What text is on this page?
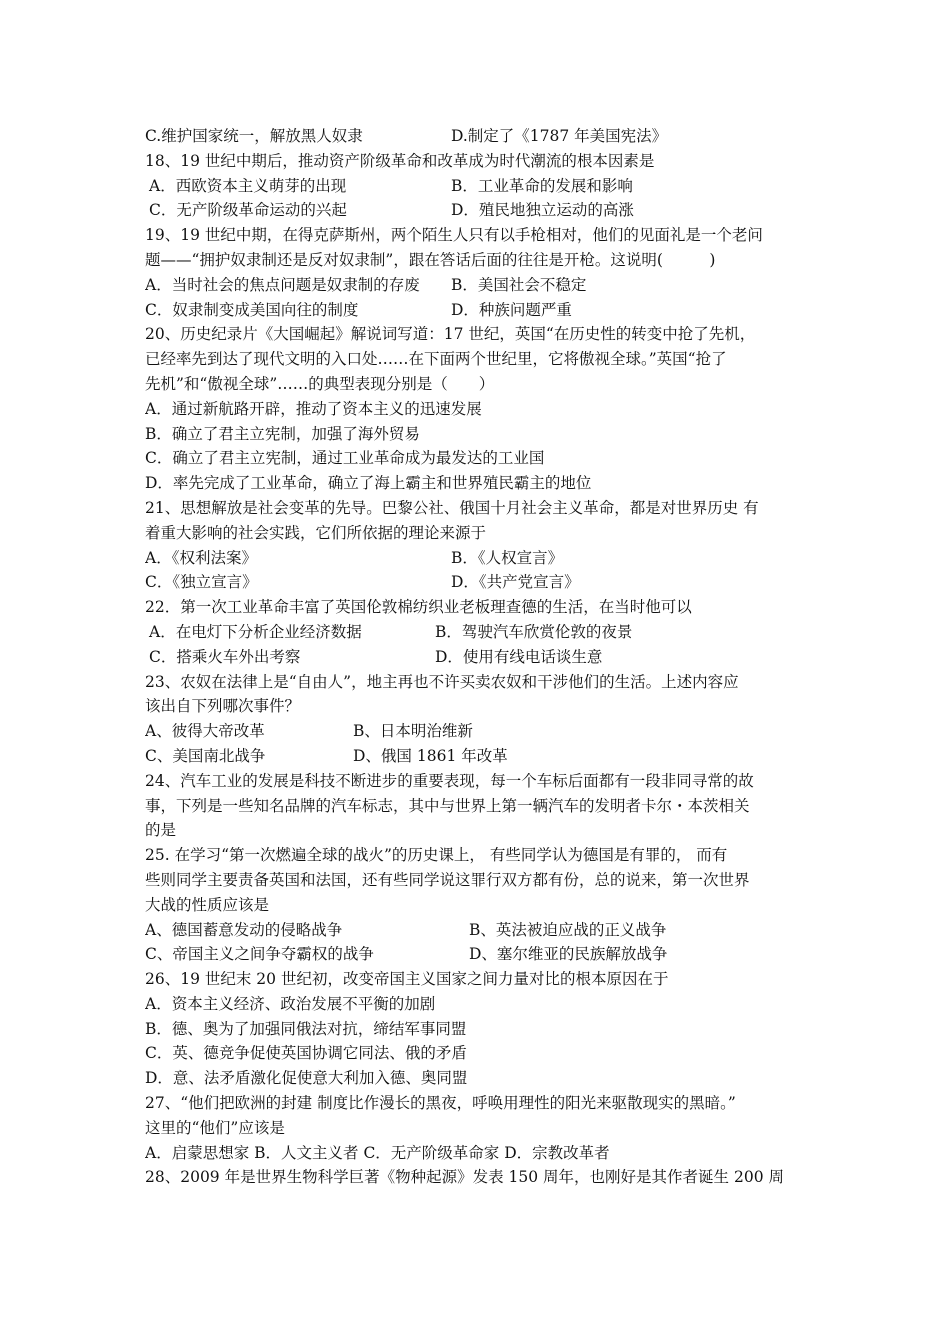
C.维护国家统一，解放黑人奴隶	D.制定了《1787 年美国宪法》
18、19 世纪中期后，推动资产阶级革命和改革成为时代潮流的根本因素是
A．西欧资本主义萌芽的出现	B．工业革命的发展和影响
C．无产阶级革命运动的兴起	D．殖民地独立运动的高涨
19、19 世纪中期，在得克萨斯州，两个陌生人只有以手枪相对，他们的见面礼是一个老问
题——“拥护奴隶制还是反对奴隶制”，跟在答话后面的往往是开枪。这说明(　　　)
A．当时社会的焦点问题是奴隶制的存废 B．美国社会不稳定
C．奴隶制变成美国向往的制度	D．种族问题严重
20、历史纪录片《大国崛起》解说词写道：17 世纪，英国“在历史性的转变中抢了先机，
已经率先到达了现代文明的入口处……在下面两个世纪里，它将傲视全球。”英国“抢了
先机”和“傲视全球”……的典型表现分别是（　　）
A．通过新航路开辟，推动了资本主义的迅速发展
B．确立了君主立宪制，加强了海外贸易
C．确立了君主立宪制，通过工业革命成为最发达的工业国
D．率先完成了工业革命，确立了海上霸主和世界殖民霸主的地位
21、思想解放是社会变革的先导。巴黎公社、俄国十月社会主义革命，都是对世界历史 有
着重大影响的社会实践，它们所依据的理论来源于
A．《权利法案》	B．《人权宣言》
C．《独立宣言》	D．《共产党宣言》
22．第一次工业革命丰富了英国伦敦棉纺织业老板理查德的生活，在当时他可以
A．在电灯下分析企业经济数据	B．驾驶汽车欣赏伦敦的夜景
C．搭乘火车外出考察	D．使用有线电话谈生意
23、农奴在法律上是“自由人”，地主再也不许买卖农奴和干涉他们的生活。上述内容应
该出自下列哪次事件？
A、彼得大帝改革	B、日本明治维新
C、美国南北战争	D、俄国 1861 年改革
24、汽车工业的发展是科技不断进步的重要表现，每一个车标后面都有一段非同寻常的故
事，下列是一些知名品牌的汽车标志，其中与世界上第一辆汽车的发明者卡尔・本茨相关
的是
25. 在学习“第一次燃遍全球的战火”的历史课上， 有些同学认为德国是有罪的， 而有
些则同学主要责备英国和法国，还有些同学说这罪行双方都有份，总的说来，第一次世界
大战的性质应该是
A、德国蓄意发动的侵略战争	B、英法被迫应战的正义战争
C、帝国主义之间争夺霸权的战争	D、塞尔维亚的民族解放战争
26、19 世纪末 20 世纪初，改变帝国主义国家之间力量对比的根本原因在于
A．资本主义经济、政治发展不平衡的加剧
B．德、奥为了加强同俄法对抗，缔结军事同盟
C．英、德竞争促使英国协调它同法、俄的矛盾
D．意、法矛盾激化促使意大利加入德、奥同盟
27、“他们把欧洲的封建 制度比作漫长的黑夜，呼唤用理性的阳光来驱散现实的黑暗。”
这里的“他们”应该是
A．启蒙思想家 B．人文主义者 C．无产阶级革命家 D．宗教改革者
28、2009 年是世界生物科学巨著《物种起源》发表 150 周年，也刚好是其作者诞生 200 周
